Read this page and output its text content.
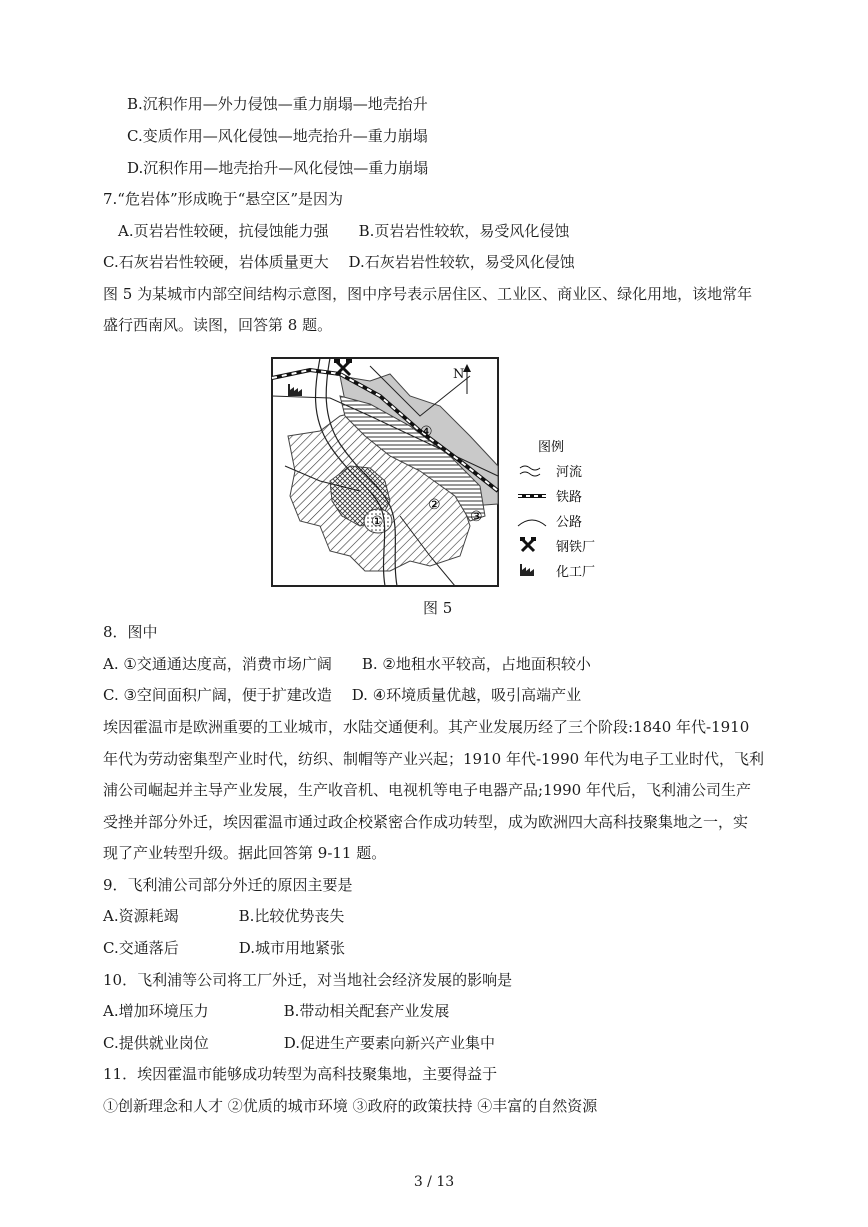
B.沉积作用—外力侵蚀—重力崩塌—地壳抬升
C.变质作用—风化侵蚀—地壳抬升—重力崩塌
D.沉积作用—地壳抬升—风化侵蚀—重力崩塌
7.“危岩体”形成晚于“悬空区”是因为
A.页岩岩性较硬，抗侵蚀能力强　　B.页岩岩性较软，易受风化侵蚀
C.石灰岩岩性较硬，岩体质量更大　 D.石灰岩岩性较软，易受风化侵蚀
图 5 为某城市内部空间结构示意图，图中序号表示居住区、工业区、商业区、绿化用地，该地常年
盛行西南风。读图，回答第 8 题。
8．图中
A. ①交通通达度高，消费市场广阔　　B. ②地租水平较高，占地面积较小
C. ③空间面积广阔，便于扩建改造　 D. ④环境质量优越，吸引高端产业
埃因霍温市是欧洲重要的工业城市，水陆交通便利。其产业发展历经了三个阶段:1840 年代-1910
年代为劳动密集型产业时代，纺织、制帽等产业兴起；1910 年代-1990 年代为电子工业时代，飞利
浦公司崛起并主导产业发展，生产收音机、电视机等电子电器产品;1990 年代后，飞利浦公司生产
受挫并部分外迁，埃因霍温市通过政企校紧密合作成功转型，成为欧洲四大高科技聚集地之一，实
现了产业转型升级。据此回答第 9-11 题。
9．飞利浦公司部分外迁的原因主要是
A.资源耗竭　　　　B.比较优势丧失
C.交通落后　　　　D.城市用地紧张
10．飞利浦等公司将工厂外迁，对当地社会经济发展的影响是
A.增加环境压力　　　　　B.带动相关配套产业发展
C.提供就业岗位　　　　　D.促进生产要素向新兴产业集中
11．埃因霍温市能够成功转型为高科技聚集地，主要得益于
①创新理念和人才 ②优质的城市环境 ③政府的政策扶持 ④丰富的自然资源
N
④
①
②
③
图例
河流
铁路
公路
钢铁厂
化工厂
图 5
3 / 13
